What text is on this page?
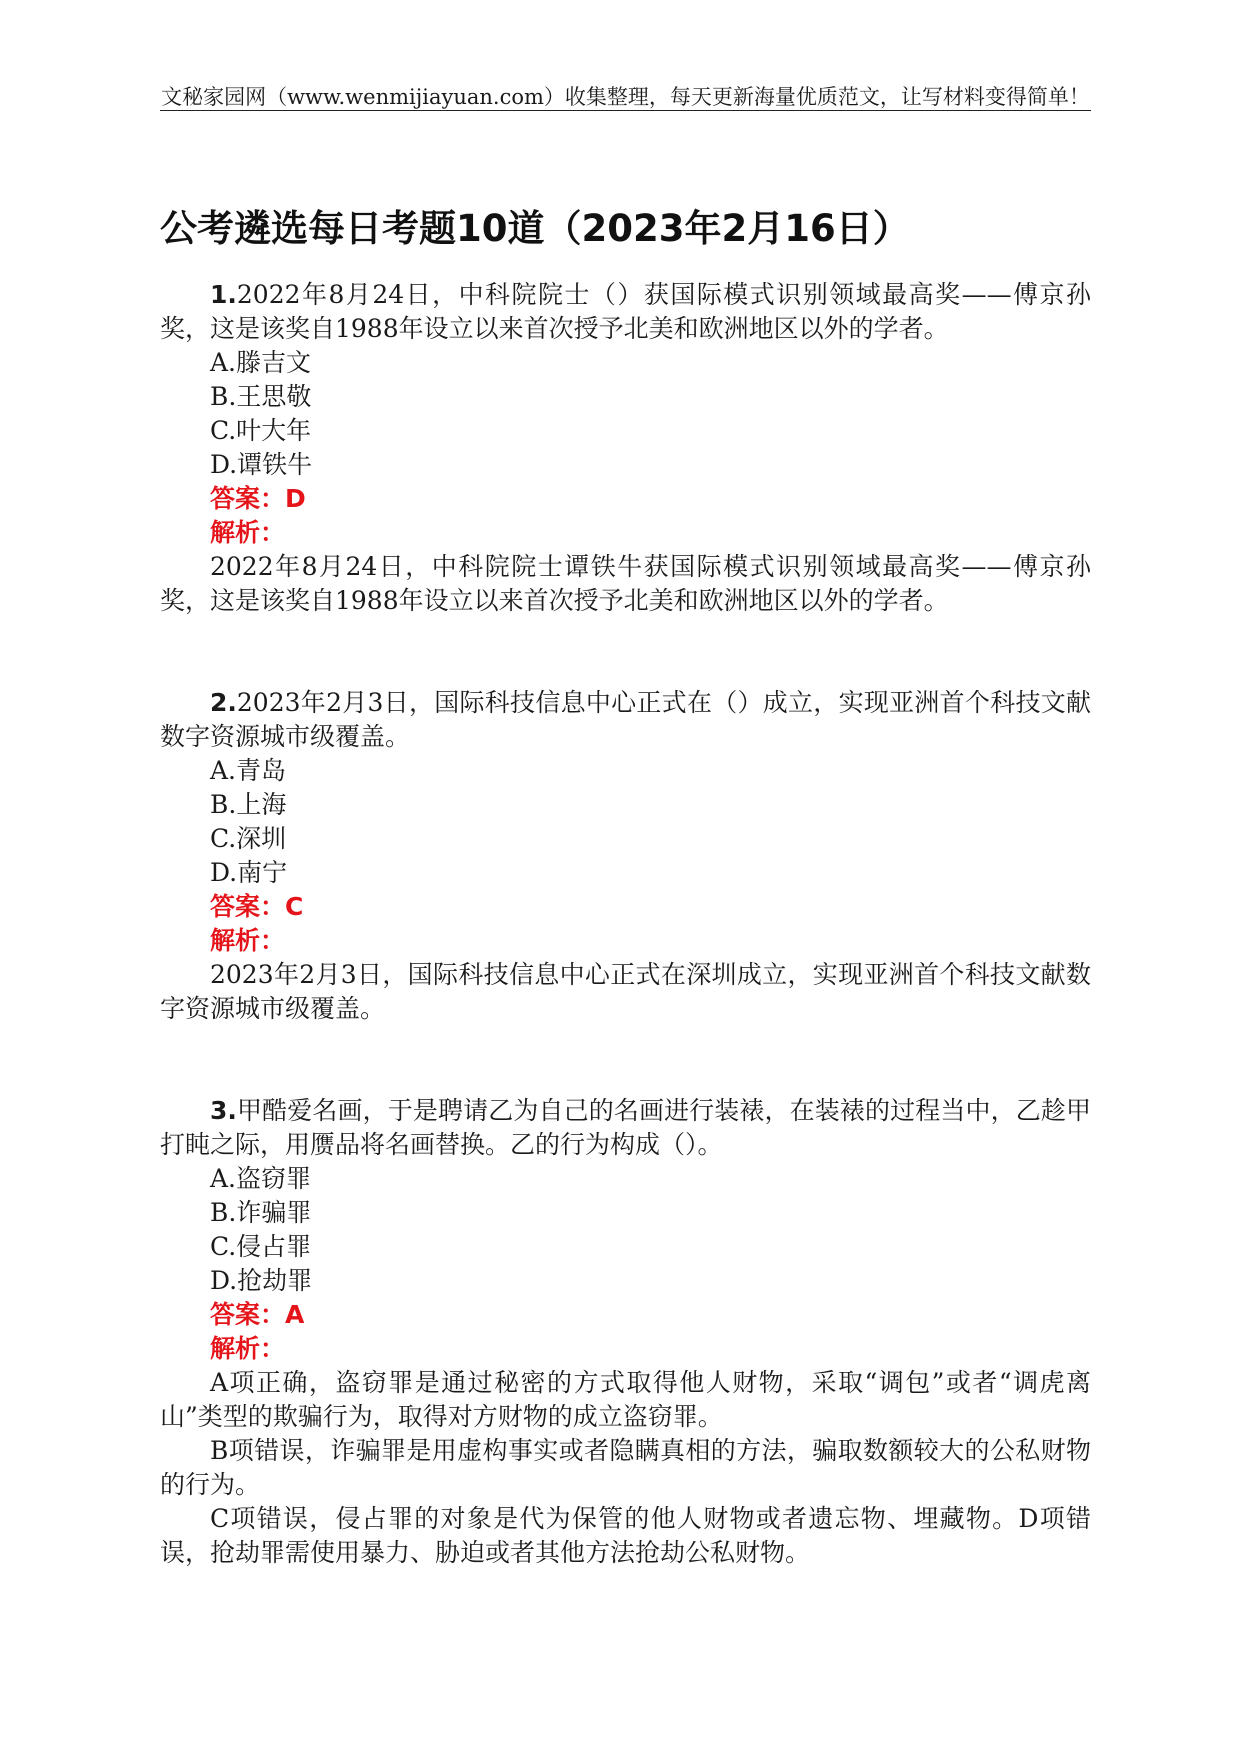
文秘家园网（www.wenmijiayuan.com）收集整理，每天更新海量优质范文，让写材料变得简单！
公考遴选每日考题10道（2023年2月16日）

1.2022年8月24日，中科院院士（）获国际模式识别领域最高奖——傅京孙奖，这是该奖自1988年设立以来首次授予北美和欧洲地区以外的学者。

A.滕吉文

B.王思敬

C.叶大年

D.谭铁牛

答案：D

解析：

2022年8月24日，中科院院士谭铁牛获国际模式识别领域最高奖——傅京孙奖，这是该奖自1988年设立以来首次授予北美和欧洲地区以外的学者。

2.2023年2月3日，国际科技信息中心正式在（）成立，实现亚洲首个科技文献数字资源城市级覆盖。

A.青岛

B.上海

C.深圳

D.南宁

答案：C

解析：

2023年2月3日，国际科技信息中心正式在深圳成立，实现亚洲首个科技文献数字资源城市级覆盖。

3.甲酷爱名画，于是聘请乙为自己的名画进行装裱，在装裱的过程当中，乙趁甲打盹之际，用赝品将名画替换。乙的行为构成（）。

A.盗窃罪

B.诈骗罪

C.侵占罪

D.抢劫罪

答案：A

解析：

A项正确，盗窃罪是通过秘密的方式取得他人财物，采取“调包”或者“调虎离山”类型的欺骗行为，取得对方财物的成立盗窃罪。

B项错误，诈骗罪是用虚构事实或者隐瞒真相的方法，骗取数额较大的公私财物的行为。

C项错误，侵占罪的对象是代为保管的他人财物或者遗忘物、埋藏物。D项错误，抢劫罪需使用暴力、胁迫或者其他方法抢劫公私财物。
